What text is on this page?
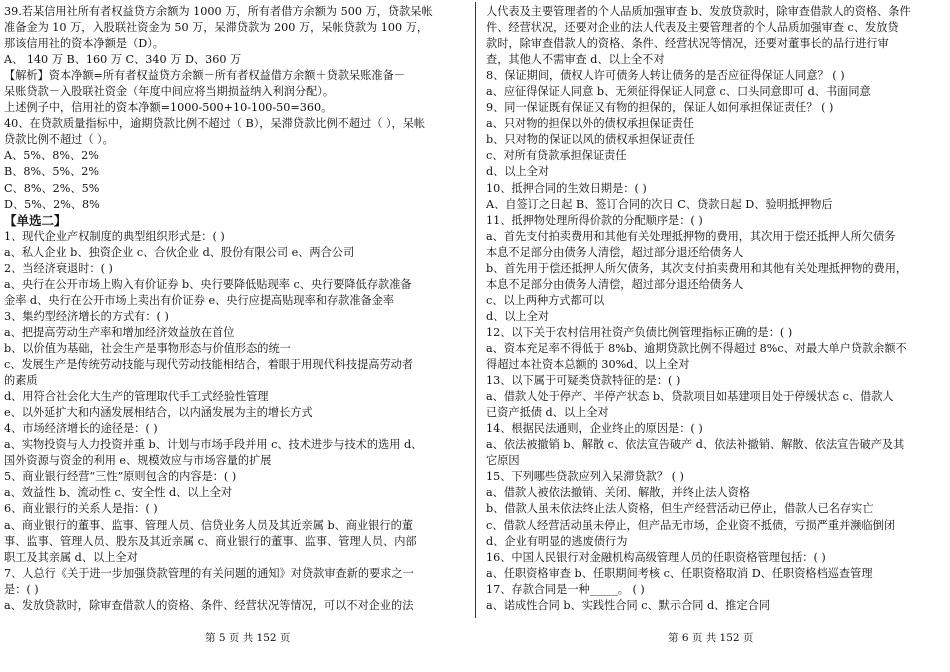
39.若某信用社所有者权益贷方余额为 1000 万，所有者借方余额为 500 万，贷款呆帐
准备金为 10 万，入股联社资金为 50 万，呆滞贷款为 200 万，呆帐贷款为 100 万，
那该信用社的资本净额是（D）。
A、 140 万 B、160 万 C、340 万 D、360 万
【解析】资本净额=所有者权益贷方余额－所有者权益借方余额＋贷款呆账准备－
呆账贷款－入股联社资金（年度中间应将当期损益纳入利润分配）。
上述例子中，信用社的资本净额=1000-500+10-100-50=360。
40、在贷款质量指标中，逾期贷款比例不超过（ B），呆滞贷款比例不超过（ ），呆帐
贷款比例不超过（ ）。
A、5%、8%、2%
B、8%、5%、2%
C、8%、2%、5%
D、5%、2%、8%
【单选二】
1、现代企业产权制度的典型组织形式是：( )
a、私人企业 b、独资企业 c、合伙企业 d、股份有限公司 e、两合公司
2、当经济衰退时：( )
a、央行在公开市场上购入有价证券 b、央行要降低贴现率 c、央行要降低存款准备
金率 d、央行在公开市场上卖出有价证券 e、央行应提高贴现率和存款准备金率
3、集约型经济增长的方式有：( )
a、把提高劳动生产率和增加经济效益放在首位
b、以价值为基础，社会生产是事物形态与价值形态的统一
c、发展生产是传统劳动技能与现代劳动技能相结合，着眼于用现代科技提高劳动者
的素质
d、用符合社会化大生产的管理取代手工式经验性管理
e、以外延扩大和内涵发展相结合，以内涵发展为主的增长方式
4、市场经济增长的途径是：( )
a、实物投资与人力投资并重 b、计划与市场手段并用 c、技术进步与技术的选用 d、
国外资源与资金的利用 e、规模效应与市场容量的扩展
5、商业银行经营“三性”原则包含的内容是：( )
a、效益性 b、流动性 c、安全性 d、以上全对
6、商业银行的关系人是指：( )
a、商业银行的董事、监事、管理人员、信贷业务人员及其近亲属 b、商业银行的董
事、监事、管理人员、股东及其近亲属 c、商业银行的董事、监事、管理人员、内部
职工及其亲属 d、以上全对
7、人总行《关于进一步加强贷款管理的有关问题的通知》对贷款审查新的要求之一
是：( )
a、发放贷款时，除审查借款人的资格、条件、经营状况等情况，可以不对企业的法
人代表及主要管理者的个人品质加强审查 b、发放贷款时，除审查借款人的资格、条件
件、经营状况，还要对企业的法人代表及主要管理者的个人品质加强审查 c、发放贷
款时，除审查借款人的资格、条件、经营状况等情况，还要对董事长的品行进行审
查，其他人不需审查 d、以上全不对
8、保证期间，债权人许可债务人转让债务的是否应征得保证人同意？ ( )
a、应征得保证人同意 b、无须征得保证人同意 c、口头同意即可 d、书面同意
9、同一保证既有保证又有物的担保的，保证人如何承担保证责任？ ( )
a、只对物的担保以外的债权承担保证责任
b、只对物的保证以风的债权承担保证责任
c、对所有贷款承担保证责任
d、以上全对
10、抵押合同的生效日期是：( )
A、自签订之日起 B、签订合同的次日 C、贷款日起 D、验明抵押物后
11、抵押物处理所得价款的分配顺序是：( )
a、首先支付拍卖费用和其他有关处理抵押物的费用，其次用于偿还抵押人所欠债务
本息不足部分由债务人清偿，超过部分退还给债务人
b、首先用于偿还抵押人所欠债务，其次支付拍卖费用和其他有关处理抵押物的费用，
本息不足部分由债务人清偿，超过部分退还给债务人
c、以上两种方式都可以
d、以上全对
12、以下关于农村信用社资产负债比例管理指标正确的是：( )
a、资本充足率不得低于 8%b、逾期贷款比例不得超过 8%c、对最大单户贷款余额不
得超过本社资本总额的 30%d、以上全对
13、以下属于可疑类贷款特征的是：( )
a、借款人处于停产、半停产状态 b、贷款项目如基建项目处于停缓状态 c、借款人
已资产抵债 d、以上全对
14、根据民法通则，企业终止的原因是：( )
a、依法被撤销 b、解散 c、依法宣告破产 d、依法补撤销、解散、依法宣告破产及其
它原因
15、下列哪些贷款应列入呆滞贷款？ ( )
a、借款人被依法撤销、关闭、解散，并终止法人资格
b、借款人虽未依法终止法人资格，但生产经营活动已停止，借款人已名存实亡
c、借款人经营活动虽未停止，但产品无市场，企业资不抵债，亏损严重并濒临倒闭
d、企业有明显的逃废债行为
16、中国人民银行对金融机构高级管理人员的任职资格管理包括：( )
a、任职资格审查 b、任职期间考核 c、任职资格取消 D、任职资格档巡查管理
17、存款合同是一种_____。 ( )
a、诺成性合同 b、实践性合同 c、默示合同 d、推定合同
第 5 页 共 152 页	第 6 页 共 152 页
